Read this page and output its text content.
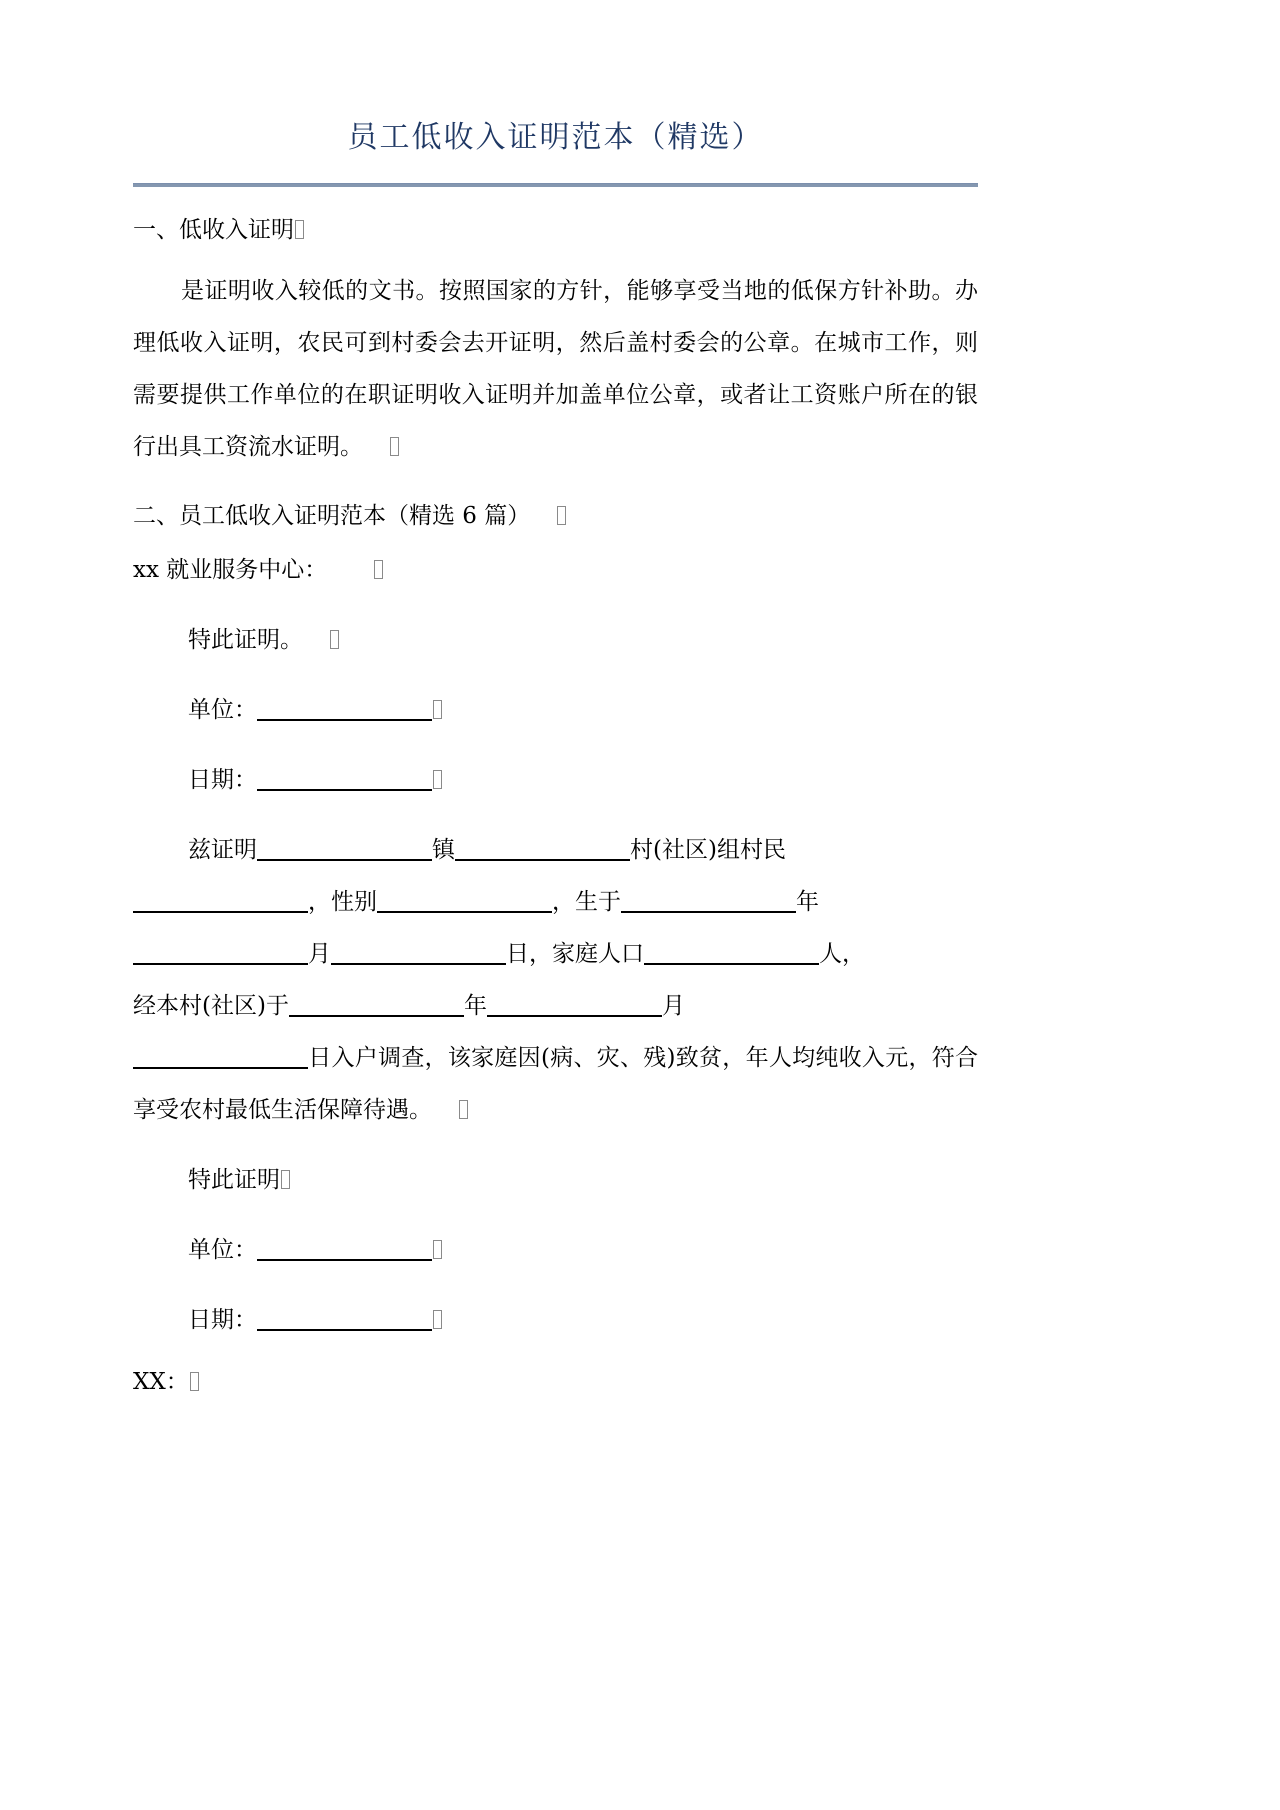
员工低收入证明范本（精选）

一、低收入证明

是证明收入较低的文书。按照国家的方针，能够享受当地的低保方针补助。办理低收入证明，农民可到村委会去开证明，然后盖村委会的公章。在城市工作，则需要提供工作单位的在职证明收入证明并加盖单位公章，或者让工资账户所在的银行出具工资流水证明。

二、员工低收入证明范本（精选 6 篇）

xx 就业服务中心：

特此证明。

单位：

日期：

兹证明	镇	村(社区)组村民

，性别	，生于	年

月	日，家庭人口	人，

经本村(社区)于	年	月

日入户调查，该家庭因(病、灾、残)致贫，年人均纯收入元，符合享受农村最低生活保障待遇。

特此证明

单位：

日期：

XX：
